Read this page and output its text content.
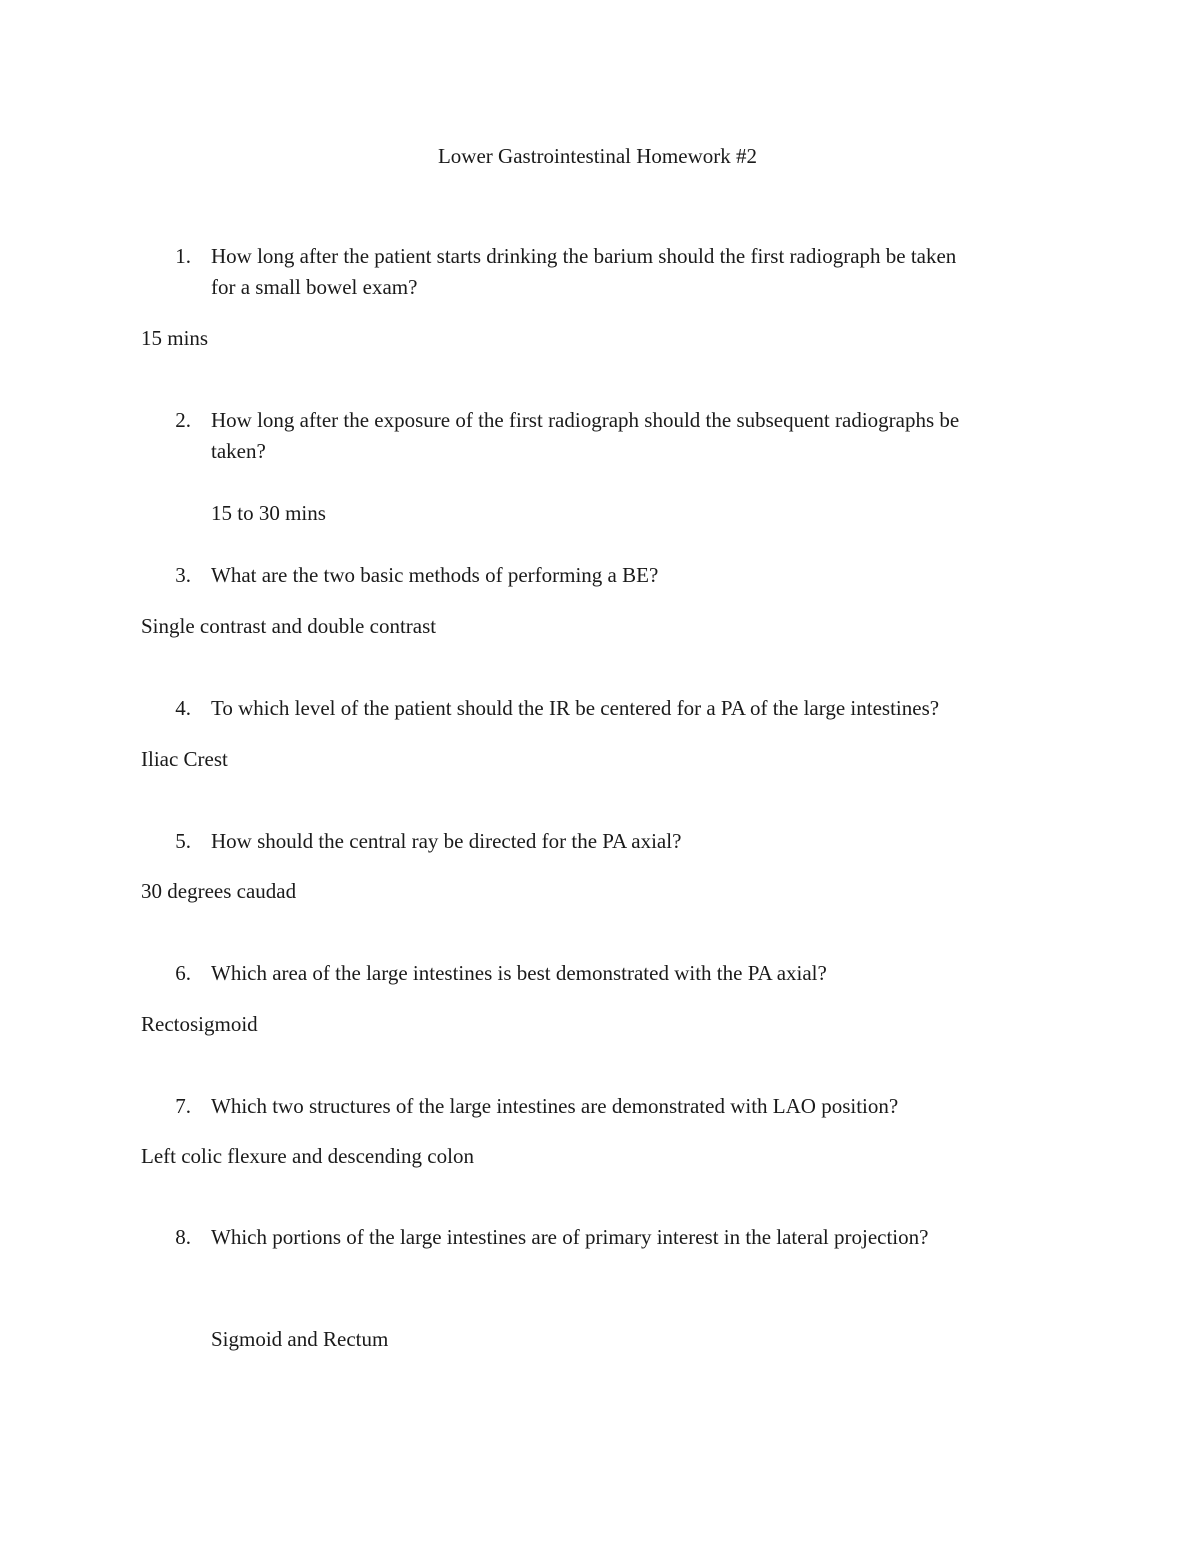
Lower Gastrointestinal Homework #2
1. How long after the patient starts drinking the barium should the first radiograph be taken
for a small bowel exam?
15 mins
2. How long after the exposure of the first radiograph should the subsequent radiographs be
taken?
15 to 30 mins
3. What are the two basic methods of performing a BE?
Single contrast and double contrast
4. To which level of the patient should the IR be centered for a PA of the large intestines?
Iliac Crest
5. How should the central ray be directed for the PA axial?
30 degrees caudad
6. Which area of the large intestines is best demonstrated with the PA axial?
Rectosigmoid
7. Which two structures of the large intestines are demonstrated with LAO position?
Left colic flexure and descending colon
8. Which portions of the large intestines are of primary interest in the lateral projection?
Sigmoid and Rectum
